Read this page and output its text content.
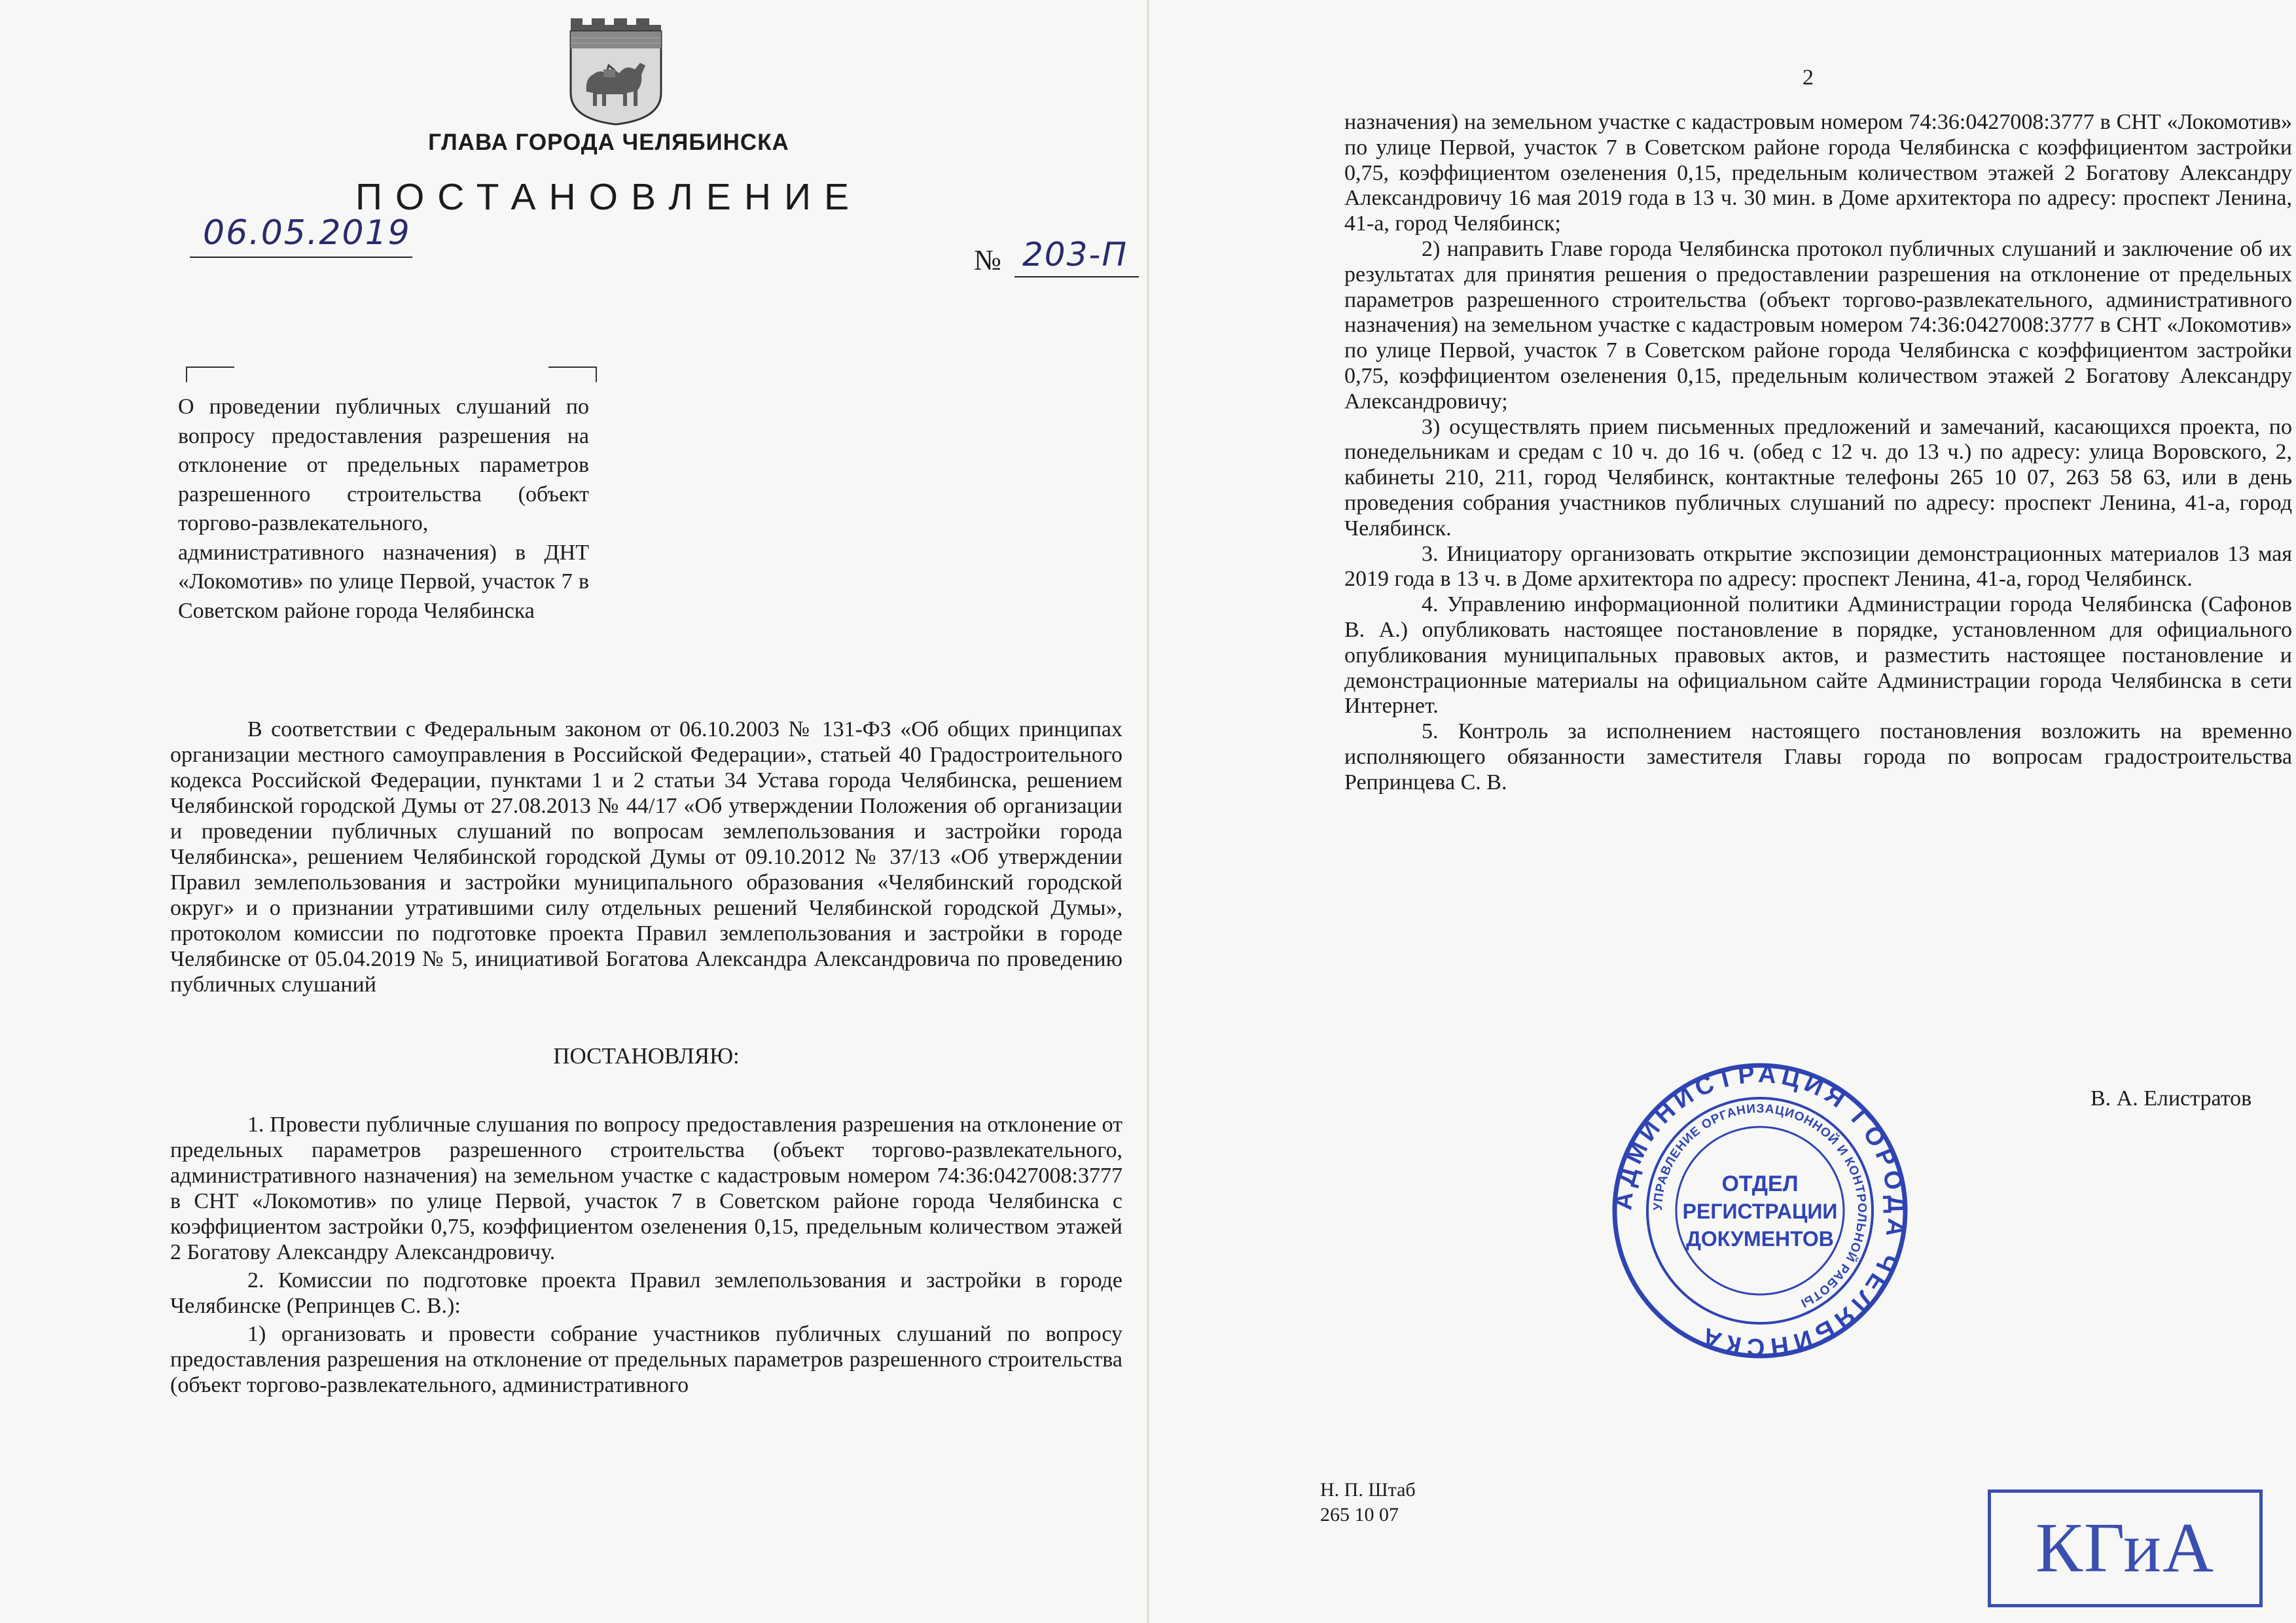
ГЛАВА ГОРОДА ЧЕЛЯБИНСКА
ПОСТАНОВЛЕНИЕ
06.05.2019
№ 203-П

О проведении публичных слушаний по вопросу предоставления разрешения на отклонение от предельных параметров разрешенного строительства (объект торгово-развлекательного, административного назначения) в ДНТ «Локомотив» по улице Первой, участок 7 в Советском районе города Челябинска

В соответствии с Федеральным законом от 06.10.2003 № 131-ФЗ «Об общих принципах организации местного самоуправления в Российской Федерации», статьей 40 Градостроительного кодекса Российской Федерации, пунктами 1 и 2 статьи 34 Устава города Челябинска, решением Челябинской городской Думы от 27.08.2013 № 44/17 «Об утверждении Положения об организации и проведении публичных слушаний по вопросам землепользования и застройки города Челябинска», решением Челябинской городской Думы от 09.10.2012 № 37/13 «Об утверждении Правил землепользования и застройки муниципального образования «Челябинский городской округ» и о признании утратившими силу отдельных решений Челябинской городской Думы», протоколом комиссии по подготовке проекта Правил землепользования и застройки в городе Челябинске от 05.04.2019 № 5, инициативой Богатова Александра Александровича по проведению публичных слушаний

ПОСТАНОВЛЯЮ:

1. Провести публичные слушания по вопросу предоставления разрешения на отклонение от предельных параметров разрешенного строительства (объект торгово-развлекательного, административного назначения) на земельном участке с кадастровым номером 74:36:0427008:3777 в СНТ «Локомотив» по улице Первой, участок 7 в Советском районе города Челябинска с коэффициентом застройки 0,75, коэффициентом озеленения 0,15, предельным количеством этажей 2 Богатову Александру Александровичу.

2. Комиссии по подготовке проекта Правил землепользования и застройки в городе Челябинске (Репринцев С. В.):

1) организовать и провести собрание участников публичных слушаний по вопросу предоставления разрешения на отклонение от предельных параметров разрешенного строительства (объект торгово-развлекательного, административного

2

назначения) на земельном участке с кадастровым номером 74:36:0427008:3777 в СНТ «Локомотив» по улице Первой, участок 7 в Советском районе города Челябинска с коэффициентом застройки 0,75, коэффициентом озеленения 0,15, предельным количеством этажей 2 Богатову Александру Александровичу 16 мая 2019 года в 13 ч. 30 мин. в Доме архитектора по адресу: проспект Ленина, 41-а, город Челябинск;

2) направить Главе города Челябинска протокол публичных слушаний и заключение об их результатах для принятия решения о предоставлении разрешения на отклонение от предельных параметров разрешенного строительства (объект торгово-развлекательного, административного назначения) на земельном участке с кадастровым номером 74:36:0427008:3777 в СНТ «Локомотив» по улице Первой, участок 7 в Советском районе города Челябинска с коэффициентом застройки 0,75, коэффициентом озеленения 0,15, предельным количеством этажей 2 Богатову Александру Александровичу;

3) осуществлять прием письменных предложений и замечаний, касающихся проекта, по понедельникам и средам с 10 ч. до 16 ч. (обед с 12 ч. до 13 ч.) по адресу: улица Воровского, 2, кабинеты 210, 211, город Челябинск, контактные телефоны 265 10 07, 263 58 63, или в день проведения собрания участников публичных слушаний по адресу: проспект Ленина, 41-а, город Челябинск.

3. Инициатору организовать открытие экспозиции демонстрационных материалов 13 мая 2019 года в 13 ч. в Доме архитектора по адресу: проспект Ленина, 41-а, город Челябинск.

4. Управлению информационной политики Администрации города Челябинска (Сафонов В. А.) опубликовать настоящее постановление в порядке, установленном для официального опубликования муниципальных правовых актов, и разместить настоящее постановление и демонстрационные материалы на официальном сайте Администрации города Челябинска в сети Интернет.

5. Контроль за исполнением настоящего постановления возложить на временно исполняющего обязанности заместителя Главы города по вопросам градостроительства Репринцева С. В.

В. А. Елистратов
АДМИНИСТРАЦИЯ ГОРОДА ЧЕЛЯБИНСКА
УПРАВЛЕНИЕ ОРГАНИЗАЦИОННОЙ И КОНТРОЛЬНОЙ РАБОТЫ
ОТДЕЛ
РЕГИСТРАЦИИ
ДОКУМЕНТОВ
Н. П. Штаб
265 10 07	КГиА
